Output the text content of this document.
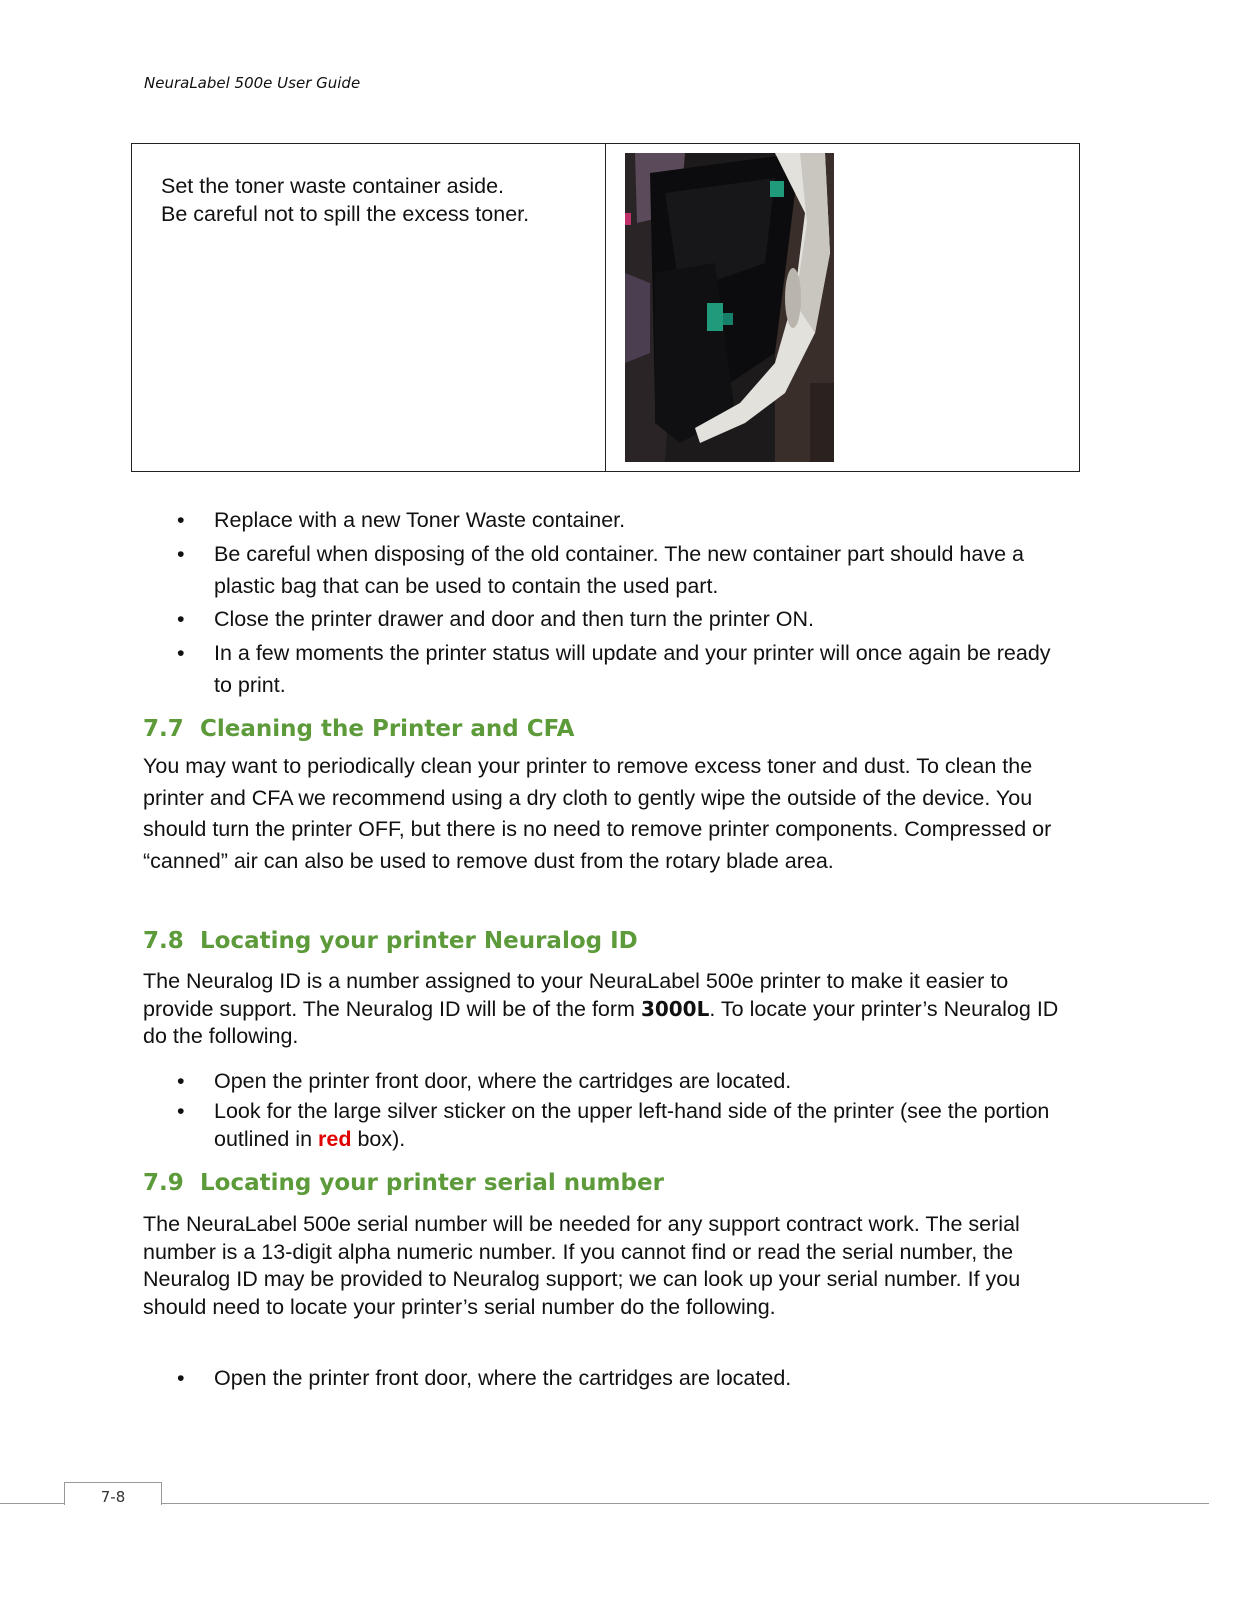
NeuraLabel 500e User Guide
Set the toner waste container aside.
Be careful not to spill the excess toner.
• Replace with a new Toner Waste container.
• Be careful when disposing of the old container. The new container part should have a plastic bag that can be used to contain the used part.
• Close the printer drawer and door and then turn the printer ON.
• In a few moments the printer status will update and your printer will once again be ready to print.
7.7 Cleaning the Printer and CFA

You may want to periodically clean your printer to remove excess toner and dust. To clean the printer and CFA we recommend using a dry cloth to gently wipe the outside of the device. You should turn the printer OFF, but there is no need to remove printer components. Compressed or “canned” air can also be used to remove dust from the rotary blade area.

7.8 Locating your printer Neuralog ID

The Neuralog ID is a number assigned to your NeuraLabel 500e printer to make it easier to provide support. The Neuralog ID will be of the form 3000L. To locate your printer’s Neuralog ID do the following.

• Open the printer front door, where the cartridges are located.
• Look for the large silver sticker on the upper left-hand side of the printer (see the portion outlined in red box).
7.9 Locating your printer serial number

The NeuraLabel 500e serial number will be needed for any support contract work. The serial number is a 13-digit alpha numeric number. If you cannot find or read the serial number, the Neuralog ID may be provided to Neuralog support; we can look up your serial number. If you should need to locate your printer’s serial number do the following.

• Open the printer front door, where the cartridges are located.
7-8
